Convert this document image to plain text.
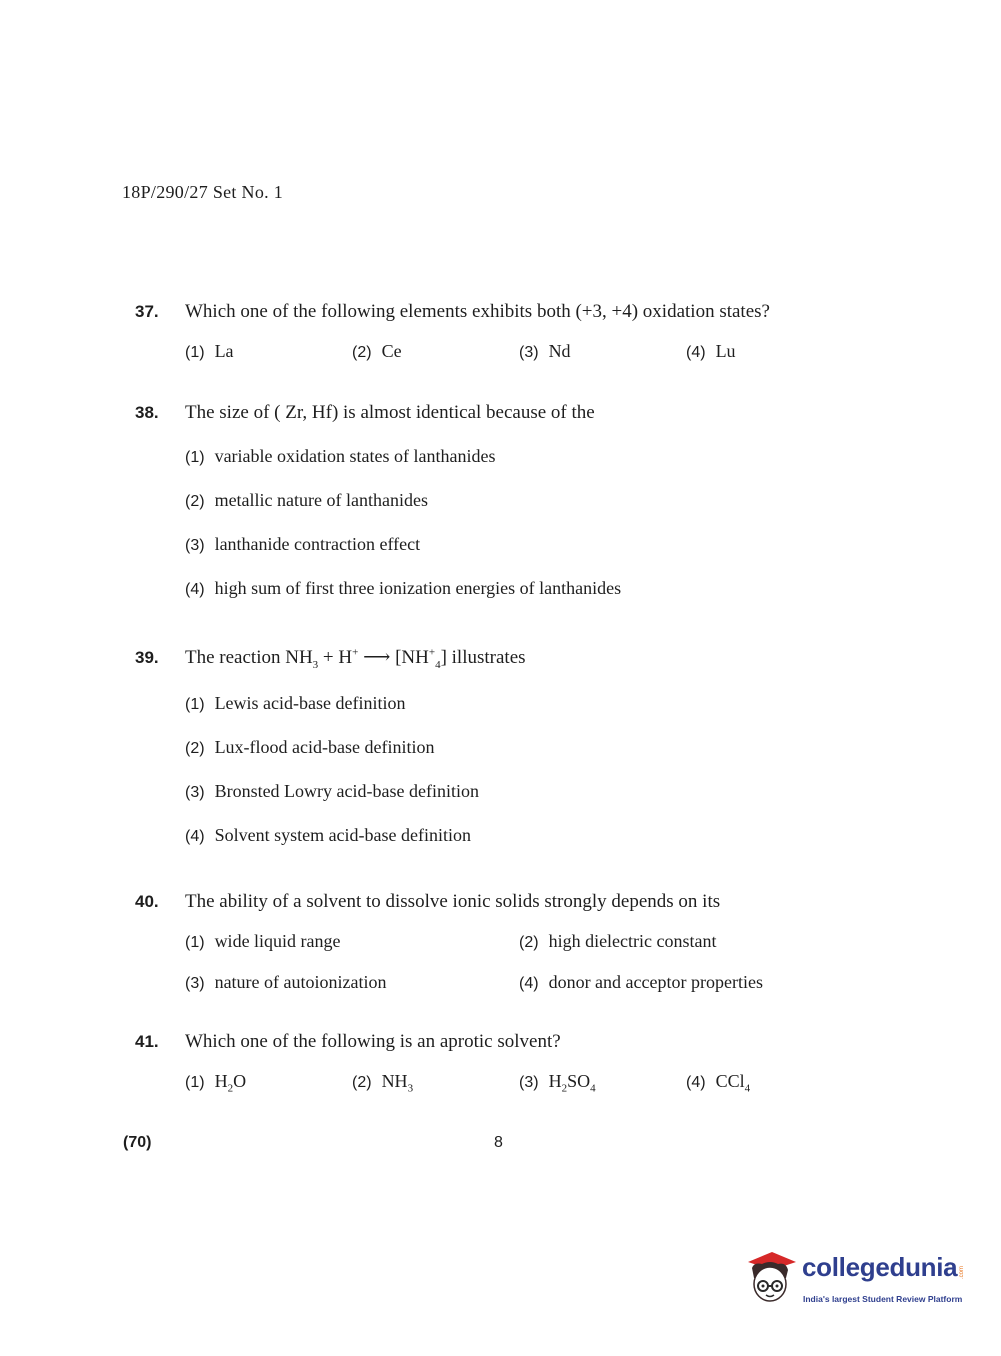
18P/290/27 Set No. 1
37.	Which one of the following elements exhibits both (+3, +4) oxidation states?
(1) La	(2) Ce	(3) Nd	(4) Lu
38.	The size of ( Zr, Hf) is almost identical because of the
(1) variable oxidation states of lanthanides
(2) metallic nature of lanthanides
(3) lanthanide contraction effect
(4) high sum of first three ionization energies of lanthanides
39.	The reaction $NH_3 + H^+$ ⟶ $[NH^+_4]$ illustrates
(1) Lewis acid-base definition
(2) Lux-flood acid-base definition
(3) Bronsted Lowry acid-base definition
(4) Solvent system acid-base definition
40.	The ability of a solvent to dissolve ionic solids strongly depends on its
(1) wide liquid range	(2) high dielectric constant
(3) nature of autoionization	(4) donor and acceptor properties
41.	Which one of the following is an aprotic solvent?
(1) $H_2O$	(2) $NH_3$	(3) $H_2SO_4$	(4) CCl$_4$
(70)	8
collegedunia .com
India's largest Student Review Platform
